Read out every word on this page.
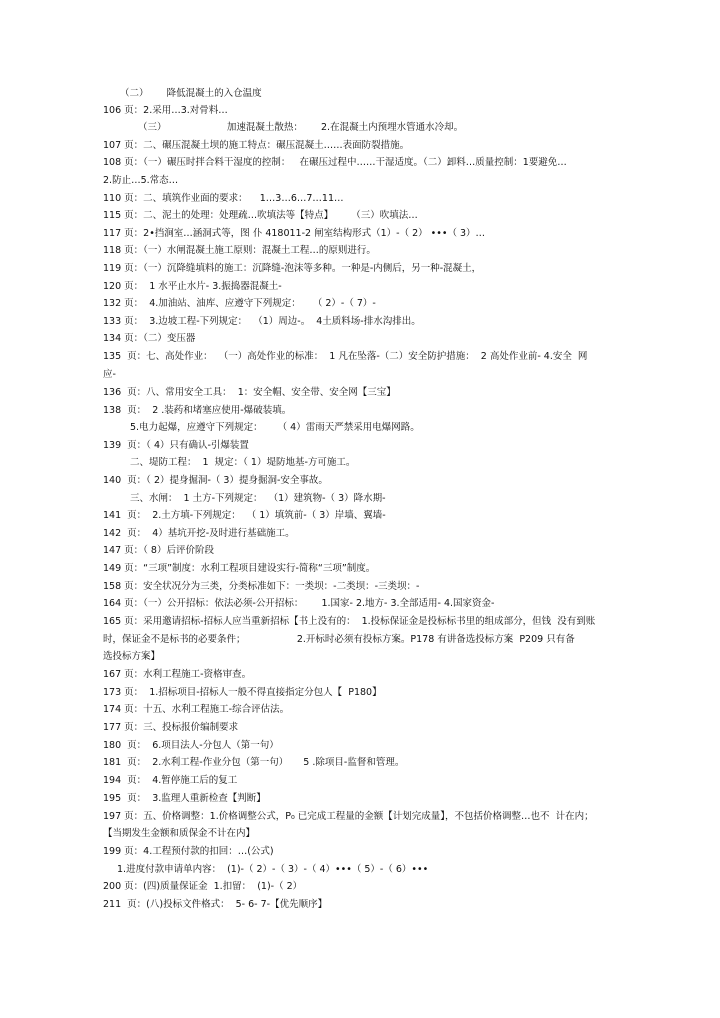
（二）      降低混凝土的入仓温度
106 页：2.采用…3.对骨料…
（三）                    加速混凝土散热：      2.在混凝土内预埋水管通水冷却。
107 页：二、碾压混凝土坝的施工特点：碾压混凝土……表面防裂措施。
108 页：（一）碾压时拌合料干湿度的控制：   在碾压过程中……干湿适度。（二）卸料…质量控制：1要避免…
2.防止…5.常态…
110 页：二、填筑作业面的要求：    1…3…6…7…11…
115 页：二、泥土的处理：处理疏…吹填法等【特点】      （三）吹填法…
117 页：2•挡涧室…涵洞式等，图 仆 418011-2 闸室结构形式（1）-（ 2） •••（ 3）…
118 页：（一）水闸混凝土施工原则：混凝土工程…的原则进行。
119 页：（一）沉降缝填料的施工：沉降缝-泡沫等多种。一种是-内侧后，另一种-混凝土，
120 页：  1 水平止水片- 3.振捣器混凝土-
132 页：  4.加油站、油库、应遵守下列规定：    （ 2）-（ 7）-
133 页：  3.边坡工程-下列规定：  （1）周边-。  4土质料场-排水沟排出。
134 页：（二）变压器
135  页：七、高处作业：  （一）高处作业的标准：  1 凡在坠落-（二）安全防护措施：  2 高处作业前- 4.安全  网
应-
136  页：八、常用安全工具：  1：安全帽、安全带、安全网【三宝】
138  页：  2 .装药和堵塞应使用-爆破装填。
5.电力起爆，应遵守下列规定：     （ 4）雷雨天严禁采用电爆网路。
139  页：（ 4）只有确认-引爆装置
二、堤防工程：  1  规定：（ 1）堤防地基-方可施工。
140  页：（ 2）提身掘洞-（ 3）提身掘洞-安全事故。
三、水闸：  1 土方-下列规定：  （1）建筑物-（ 3）降水期-
141  页：  2.土方填-下列规定：  （ 1）填筑前-（ 3）岸墙、翼墙-
142  页：  4）基坑开挖-及时进行基础施工。
147 页：（ 8）后评价阶段
149 页：“三项”制度：水利工程项目建设实行-简称“三项”制度。
158 页：安全状况分为三类，分类标准如下：一类坝：-二类坝：-三类坝：-
164 页：（一）公开招标：依法必须-公开招标：      1.国家- 2.地方- 3.全部适用- 4.国家资金-
165 页：采用邀请招标-招标人应当重新招标【书上没有的：  1.投标保证金是投标标书里的组成部分，但钱  没有到账
时，保证金不是标书的必要条件；                 2.开标时必须有投标方案。P178 有讲备选投标方案  P209 只有备
选投标方案】
167 页：水利工程施工-资格审查。
173 页：  1.招标项目-招标人一般不得直接指定分包人【  P180】
174 页：十五、水利工程施工-综合评估法。
177 页：三、投标报价编制要求
180  页：  6.项目法人-分包人（第一句）
181  页：  2.水利工程-作业分包（第一句）     5 .除项目-监督和管理。
194  页：  4.暂停施工后的复工
195  页：  3.监理人重新检查【判断】
197 页：五、价格调整：1.价格调整公式，P₀ 已完成工程量的金额【计划完成量】，不包括价格调整…也不  计在内；
【当期发生金额和质保金不计在内】
199 页：4.工程预付款的扣回：…(公式)
1.进度付款申请单内容：  (1)-（ 2）-（ 3）-（ 4）•••（ 5）-（ 6）•••
200 页：(四)质量保证金  1.扣留：  (1)-（ 2）
211  页：(八)投标文件格式：  5- 6- 7-【优先顺序】
